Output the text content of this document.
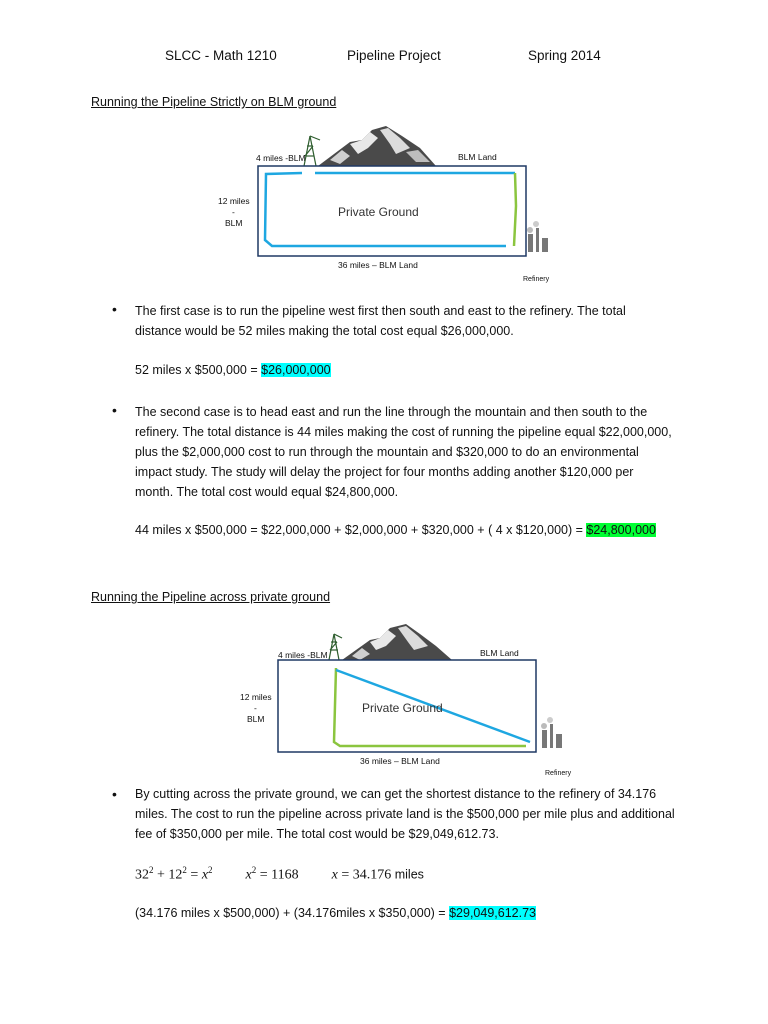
SLCC - Math 1210	Pipeline Project	Spring 2014
Running the Pipeline Strictly on BLM ground
4 miles -BLM	BLM Land
12 miles
-
BLM
Private Ground
36 miles – BLM Land
Refinery
• The first case is to run the pipeline west first then south and east to the refinery. The total distance would be 52 miles making the total cost equal $26,000,000.
52 miles x $500,000 = $26,000,000
• The second case is to head east and run the line through the mountain and then south to the refinery. The total distance is 44 miles making the cost of running the pipeline equal $22,000,000, plus the $2,000,000 cost to run through the mountain and $320,000 to do an environmental impact study. The study will delay the project for four months adding another $120,000 per month. The total cost would equal $24,800,000.
44 miles x $500,000 = $22,000,000 + $2,000,000 + $320,000 + ( 4 x $120,000) = $24,800,000
Running the Pipeline across private ground
4 miles -BLM	BLM Land
12 miles
-
BLM
Private Ground
36 miles – BLM Land
Refinery
• By cutting across the private ground, we can get the shortest distance to the refinery of 34.176 miles. The cost to run the pipeline across private land is the $500,000 per mile plus and additional fee of $350,000 per mile. The total cost would be $29,049,612.73.
$32^2 + 12^2 = x^2$ $x^2 = 1168$ x = 34.176 miles
(34.176 miles x $500,000) + (34.176miles x $350,000) = $29,049,612.73
